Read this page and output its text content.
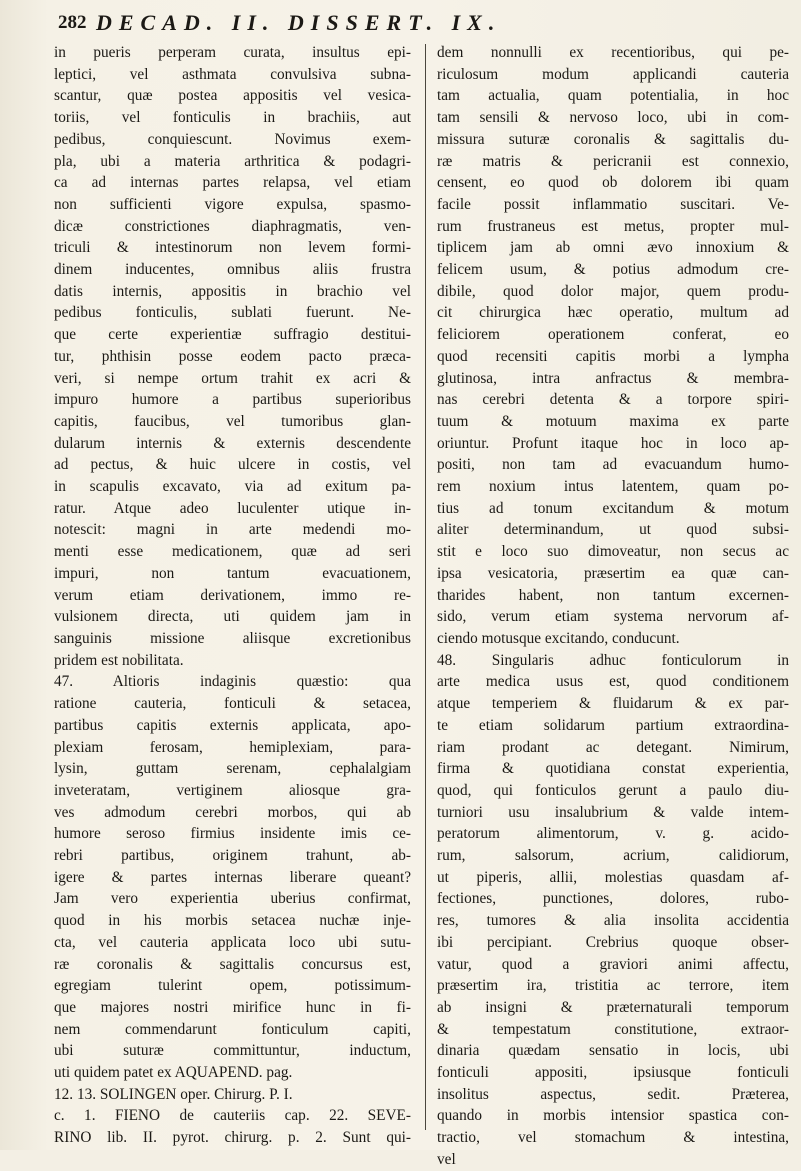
282 DECAD. II. DISSERT. IX.
in pueris perperam curata, insultus epi-
leptici, vel asthmata convulsiva subna-
scantur, quæ postea appositis vel vesica-
toriis, vel fonticulis in brachiis, aut
pedibus, conquiescunt. Novimus exem-
pla, ubi a materia arthritica & podagri-
ca ad internas partes relapsa, vel etiam
non sufficienti vigore expulsa, spasmo-
dicæ constrictiones diaphragmatis, ven-
triculi & intestinorum non levem formi-
dinem inducentes, omnibus aliis frustra
datis internis, appositis in brachio vel
pedibus fonticulis, sublati fuerunt. Ne-
que certe experientiæ suffragio destitui-
tur, phthisin posse eodem pacto præca-
veri, si nempe ortum trahit ex acri &
impuro humore a partibus superioribus
capitis, faucibus, vel tumoribus glan-
dularum internis & externis descendente
ad pectus, & huic ulcere in costis, vel
in scapulis excavato, via ad exitum pa-
ratur. Atque adeo luculenter utique in-
notescit: magni in arte medendi mo-
menti esse medicationem, quæ ad seri
impuri, non tantum evacuationem,
verum etiam derivationem, immo re-
vulsionem directa, uti quidem jam in
sanguinis missione aliisque excretionibus
pridem est nobilitata.
47. Altioris indaginis quæstio: qua
ratione cauteria, fonticuli & setacea,
partibus capitis externis applicata, apo-
plexiam ferosam, hemiplexiam, para-
lysin, guttam serenam, cephalalgiam
inveteratam, vertiginem aliosque gra-
ves admodum cerebri morbos, qui ab
humore seroso firmius insidente imis ce-
rebri partibus, originem trahunt, ab-
igere & partes internas liberare queant?
Jam vero experientia uberius confirmat,
quod in his morbis setacea nuchæ inje-
cta, vel cauteria applicata loco ubi sutu-
ræ coronalis & sagittalis concursus est,
egregiam tulerint opem, potissimum-
que majores nostri mirifice hunc in fi-
nem commendarunt fonticulum capiti,
ubi suturæ committuntur, inductum,
uti quidem patet ex AQUAPEND. pag.
12. 13. SOLINGEN oper. Chirurg. P. I.
c. 1. FIENO de cauteriis cap. 22. SEVE-
RINO lib. II. pyrot. chirurg. p. 2. Sunt qui-
dem nonnulli ex recentioribus, qui pe-
riculosum modum applicandi cauteria
tam actualia, quam potentialia, in hoc
tam sensili & nervoso loco, ubi in com-
missura suturæ coronalis & sagittalis du-
ræ matris & pericranii est connexio,
censent, eo quod ob dolorem ibi quam
facile possit inflammatio suscitari. Ve-
rum frustraneus est metus, propter mul-
tiplicem jam ab omni ævo innoxium &
felicem usum, & potius admodum cre-
dibile, quod dolor major, quem produ-
cit chirurgica hæc operatio, multum ad
feliciorem operationem conferat, eo
quod recensiti capitis morbi a lympha
glutinosa, intra anfractus & membra-
nas cerebri detenta & a torpore spiri-
tuum & motuum maxima ex parte
oriuntur. Profunt itaque hoc in loco ap-
positi, non tam ad evacuandum humo-
rem noxium intus latentem, quam po-
tius ad tonum excitandum & motum
aliter determinandum, ut quod subsi-
stit e loco suo dimoveatur, non secus ac
ipsa vesicatoria, præsertim ea quæ can-
tharides habent, non tantum excernen-
sido, verum etiam systema nervorum af-
ciendo motusque excitando, conducunt.
48. Singularis adhuc fonticulorum in
arte medica usus est, quod conditionem
atque temperiem & fluidarum & ex par-
te etiam solidarum partium extraordina-
riam prodant ac detegant. Nimirum,
firma & quotidiana constat experientia,
quod, qui fonticulos gerunt a paulo diu-
turniori usu insalubrium & valde intem-
peratorum alimentorum, v. g. acido-
rum, salsorum, acrium, calidiorum,
ut piperis, allii, molestias quasdam af-
fectiones, punctiones, dolores, rubo-
res, tumores & alia insolita accidentia
ibi percipiant. Crebrius quoque obser-
vatur, quod a graviori animi affectu,
præsertim ira, tristitia ac terrore, item
ab insigni & præternaturali temporum
& tempestatum constitutione, extraor-
dinaria quædam sensatio in locis, ubi
fonticuli appositi, ipsiusque fonticuli
insolitus aspectus, sedit. Præterea,
quando in morbis intensior spastica con-
tractio, vel stomachum & intestina,
vel
